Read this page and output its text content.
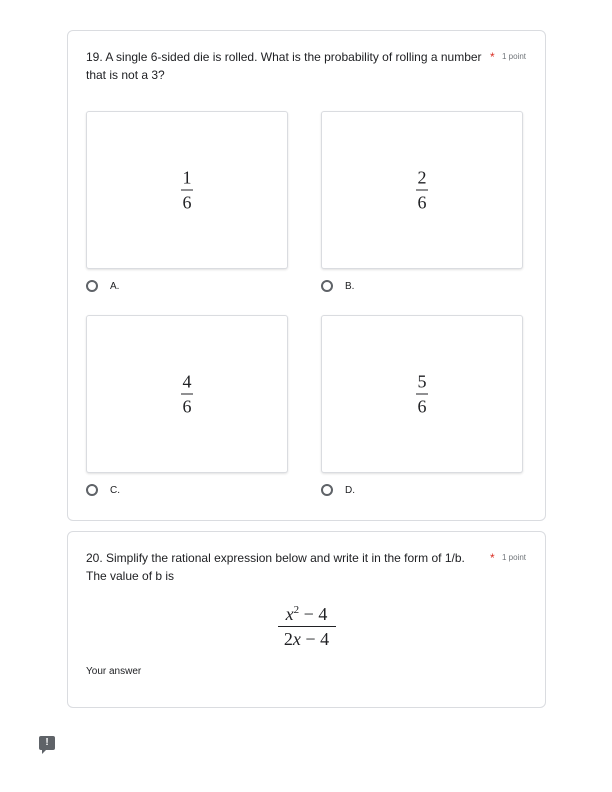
19. A single 6-sided die is rolled. What is the probability of rolling a number that is not a 3?
* 1 point
1
6
A.
2
6
B.
4
6
C.
5
6
D.
20. Simplify the rational expression below and write it in the form of 1/b. The value of b is
* 1 point
$x^2 - 4$
2x − 4
Your answer
!
